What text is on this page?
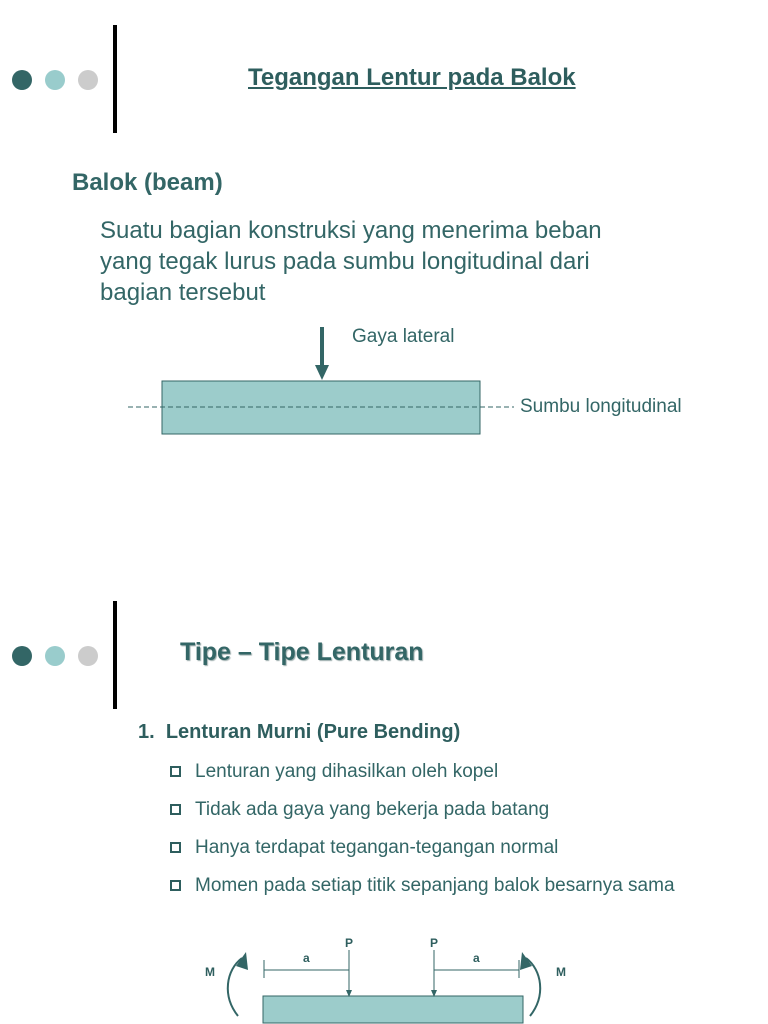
Tegangan Lentur pada Balok
Balok (beam)
Suatu bagian konstruksi yang menerima beban yang tegak lurus pada sumbu longitudinal dari bagian tersebut
Gaya lateral
Sumbu longitudinal
Tipe – Tipe Lenturan
1. Lenturan Murni (Pure Bending)
Lenturan yang dihasilkan oleh kopel
Tidak ada gaya yang bekerja pada batang
Hanya terdapat tegangan-tegangan normal
Momen pada setiap titik sepanjang balok besarnya sama
M	M
P	P
a	a
